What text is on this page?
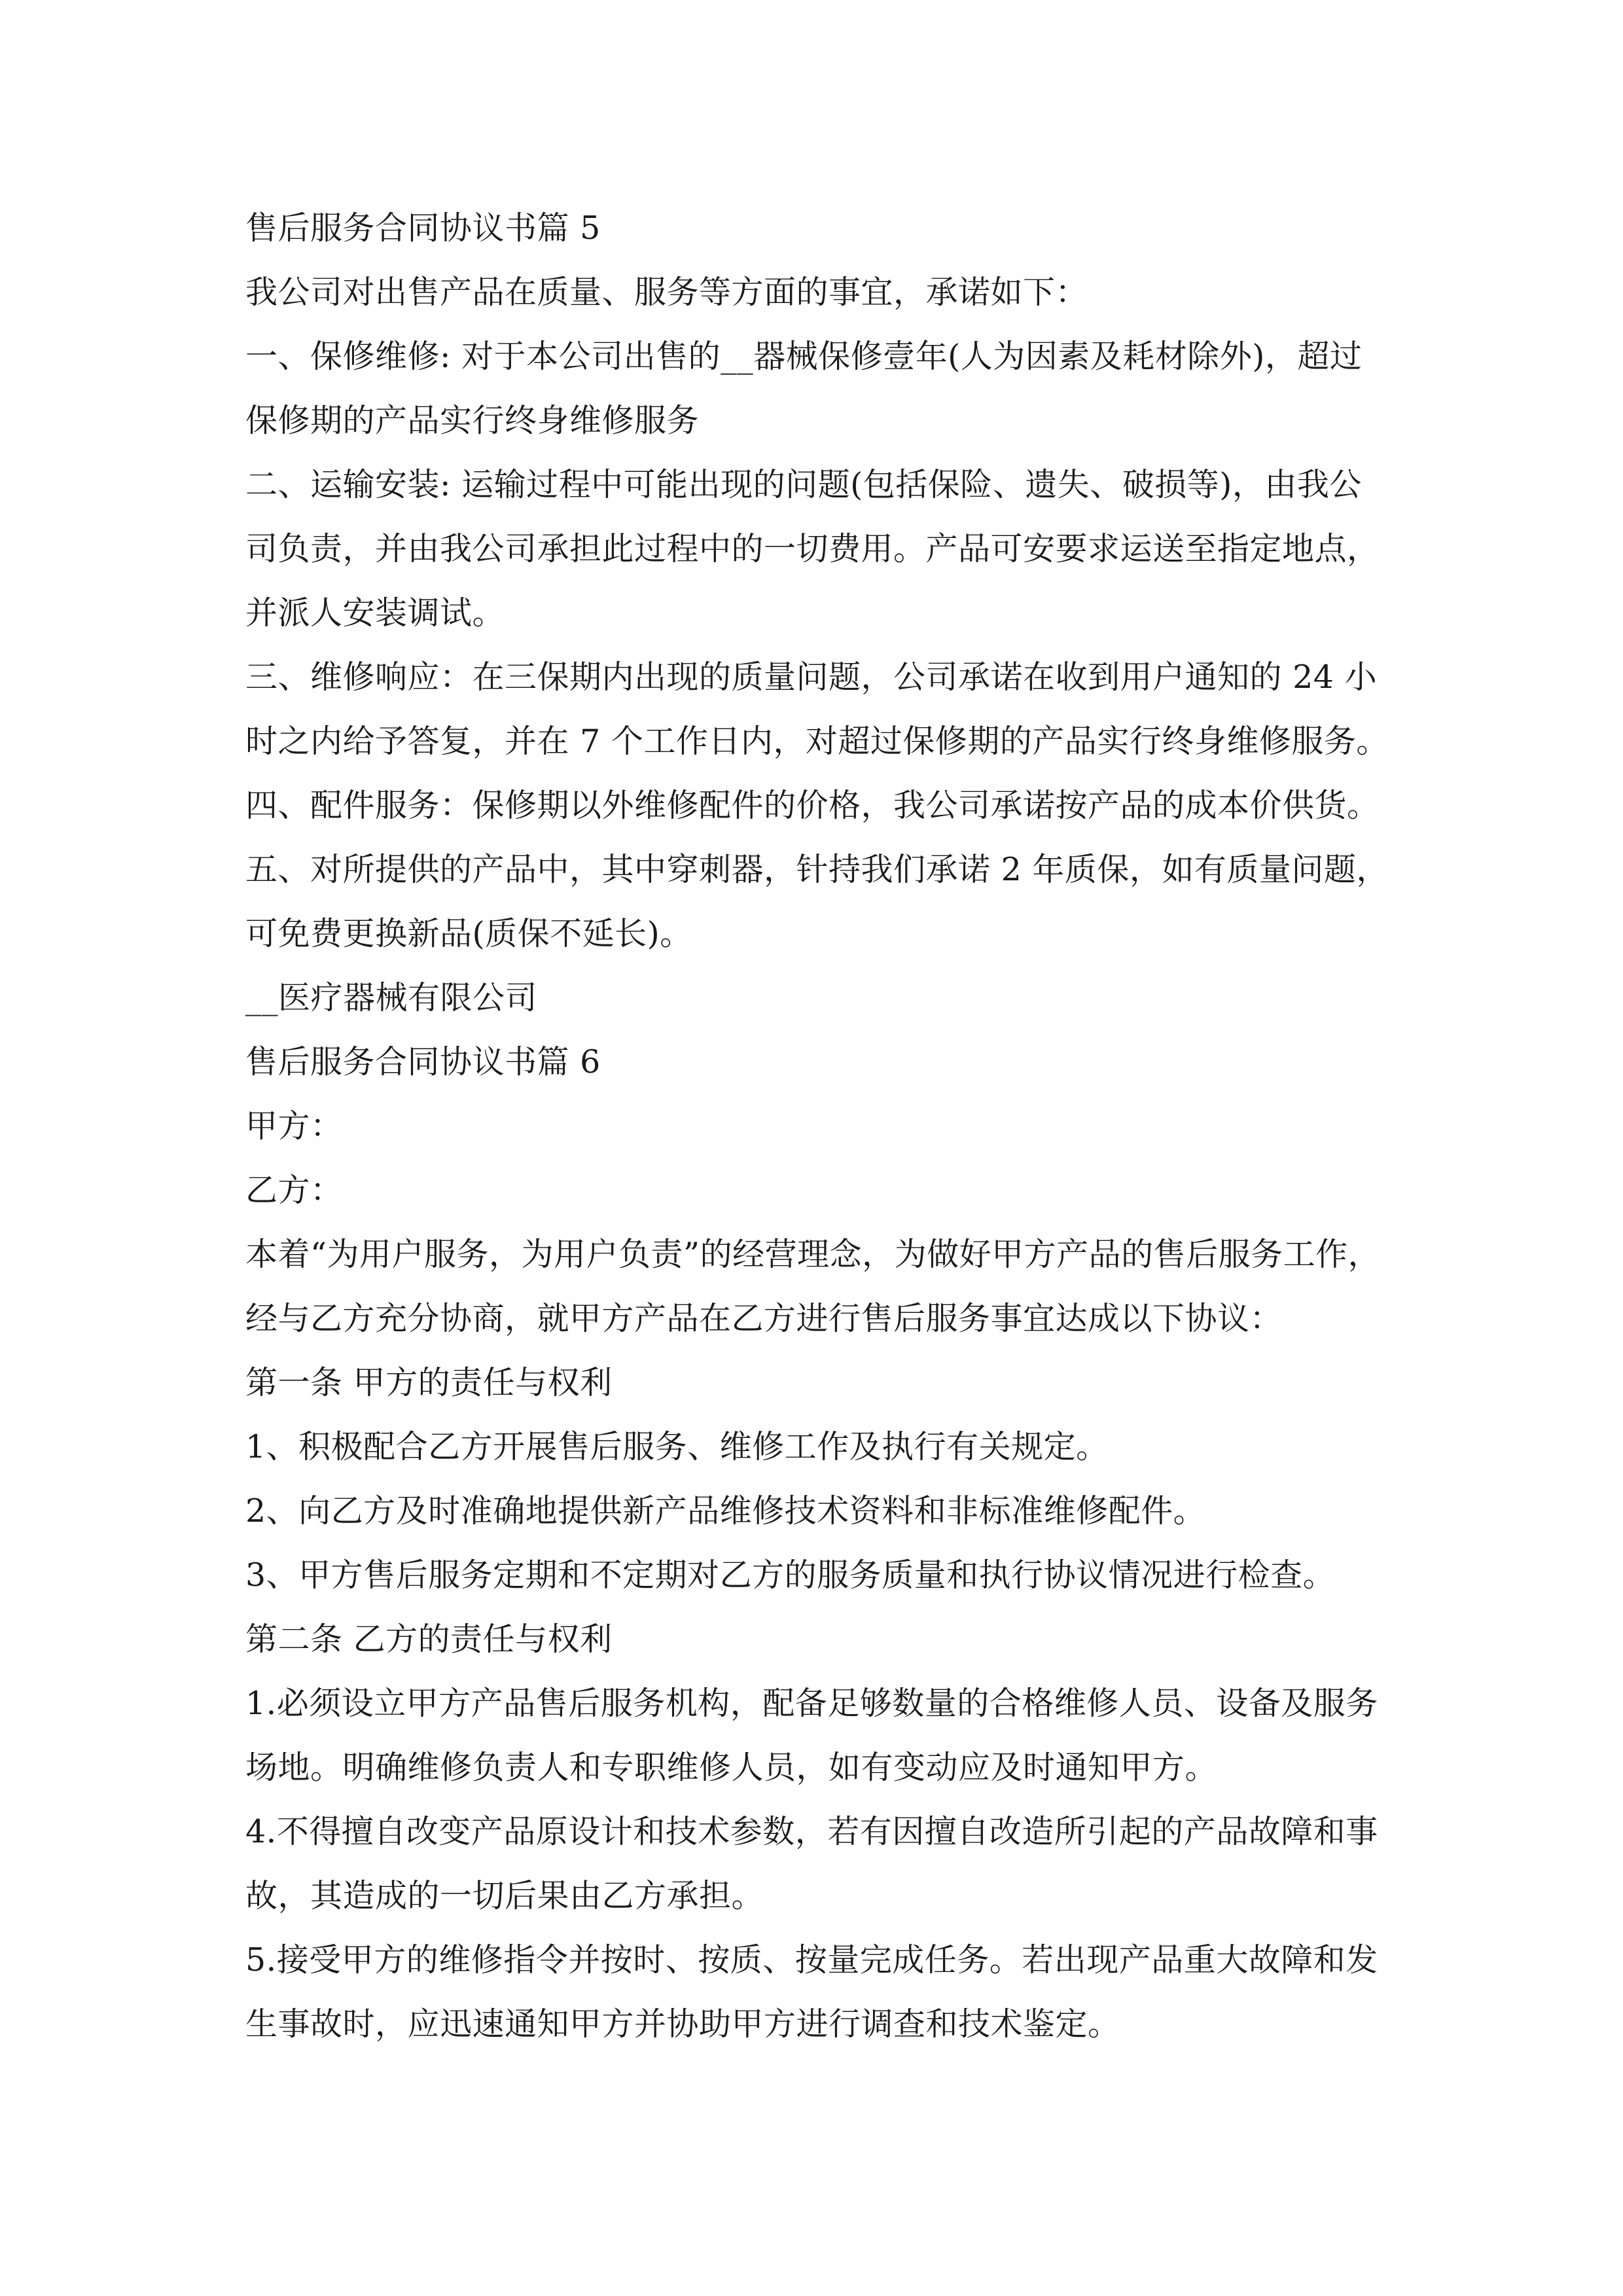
售后服务合同协议书篇 5
我公司对出售产品在质量、服务等方面的事宜，承诺如下：
一、保修维修: 对于本公司出售的__器械保修壹年(人为因素及耗材除外)，超过
保修期的产品实行终身维修服务
二、运输安装: 运输过程中可能出现的问题(包括保险、遗失、破损等)，由我公
司负责，并由我公司承担此过程中的一切费用。产品可安要求运送至指定地点，
并派人安装调试。
三、维修响应：在三保期内出现的质量问题，公司承诺在收到用户通知的 24 小
时之内给予答复，并在 7 个工作日内，对超过保修期的产品实行终身维修服务。
四、配件服务：保修期以外维修配件的价格，我公司承诺按产品的成本价供货。
五、对所提供的产品中，其中穿刺器，针持我们承诺 2 年质保，如有质量问题，
可免费更换新品(质保不延长)。
__医疗器械有限公司
售后服务合同协议书篇 6
甲方：
乙方：
本着“为用户服务，为用户负责”的经营理念，为做好甲方产品的售后服务工作，
经与乙方充分协商，就甲方产品在乙方进行售后服务事宜达成以下协议：
第一条 甲方的责任与权利
1、积极配合乙方开展售后服务、维修工作及执行有关规定。
2、向乙方及时准确地提供新产品维修技术资料和非标准维修配件。
3、甲方售后服务定期和不定期对乙方的服务质量和执行协议情况进行检查。
第二条 乙方的责任与权利
1.必须设立甲方产品售后服务机构，配备足够数量的合格维修人员、设备及服务
场地。明确维修负责人和专职维修人员，如有变动应及时通知甲方。
4.不得擅自改变产品原设计和技术参数，若有因擅自改造所引起的产品故障和事
故，其造成的一切后果由乙方承担。
5.接受甲方的维修指令并按时、按质、按量完成任务。若出现产品重大故障和发
生事故时，应迅速通知甲方并协助甲方进行调查和技术鉴定。
